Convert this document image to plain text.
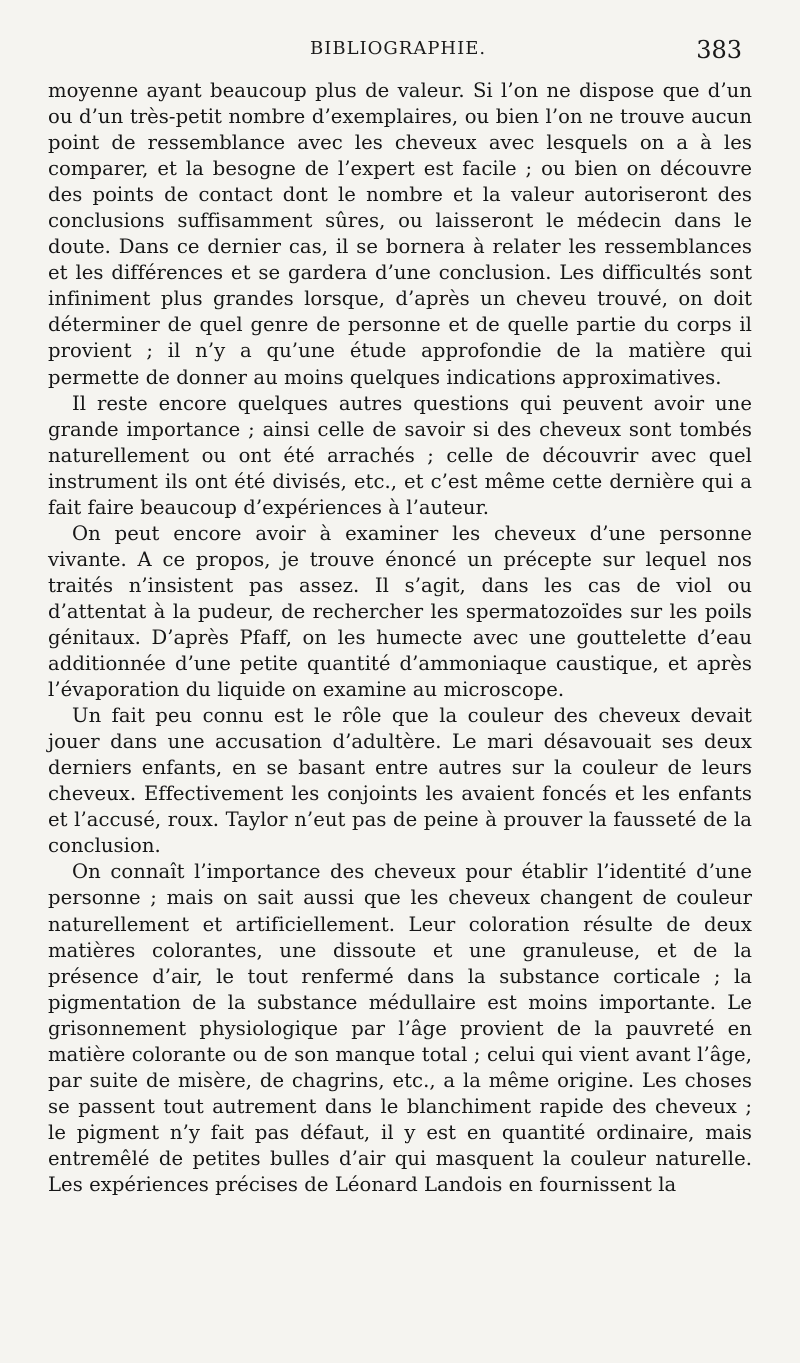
BIBLIOGRAPHIE.	383

moyenne ayant beaucoup plus de valeur. Si l’on ne dispose que d’un ou d’un très-petit nombre d’exemplaires, ou bien l’on ne trouve aucun point de ressemblance avec les cheveux avec lesquels on a à les comparer, et la besogne de l’expert est facile ; ou bien on découvre des points de contact dont le nombre et la valeur autoriseront des conclusions suffisamment sûres, ou laisseront le médecin dans le doute. Dans ce dernier cas, il se bornera à relater les ressemblances et les différences et se gardera d’une conclusion. Les difficultés sont infiniment plus grandes lorsque, d’après un cheveu trouvé, on doit déterminer de quel genre de personne et de quelle partie du corps il provient ; il n’y a qu’une étude approfondie de la matière qui permette de donner au moins quelques indications approximatives.

Il reste encore quelques autres questions qui peuvent avoir une grande importance ; ainsi celle de savoir si des cheveux sont tombés naturellement ou ont été arrachés ; celle de découvrir avec quel instrument ils ont été divisés, etc., et c’est même cette dernière qui a fait faire beaucoup d’expériences à l’auteur.

On peut encore avoir à examiner les cheveux d’une personne vivante. A ce propos, je trouve énoncé un précepte sur lequel nos traités n’insistent pas assez. Il s’agit, dans les cas de viol ou d’attentat à la pudeur, de rechercher les spermatozoïdes sur les poils génitaux. D’après Pfaff, on les humecte avec une gouttelette d’eau additionnée d’une petite quantité d’ammoniaque caustique, et après l’évaporation du liquide on examine au microscope.

Un fait peu connu est le rôle que la couleur des cheveux devait jouer dans une accusation d’adultère. Le mari désavouait ses deux derniers enfants, en se basant entre autres sur la couleur de leurs cheveux. Effectivement les conjoints les avaient foncés et les enfants et l’accusé, roux. Taylor n’eut pas de peine à prouver la fausseté de la conclusion.

On connaît l’importance des cheveux pour établir l’identité d’une personne ; mais on sait aussi que les cheveux changent de couleur naturellement et artificiellement. Leur coloration résulte de deux matières colorantes, une dissoute et une granuleuse, et de la présence d’air, le tout renfermé dans la substance corticale ; la pigmentation de la substance médullaire est moins importante. Le grisonnement physiologique par l’âge provient de la pauvreté en matière colorante ou de son manque total ; celui qui vient avant l’âge, par suite de misère, de chagrins, etc., a la même origine. Les choses se passent tout autrement dans le blanchiment rapide des cheveux ; le pigment n’y fait pas défaut, il y est en quantité ordinaire, mais entremêlé de petites bulles d’air qui masquent la couleur naturelle. Les expériences précises de Léonard Landois en fournissent la
